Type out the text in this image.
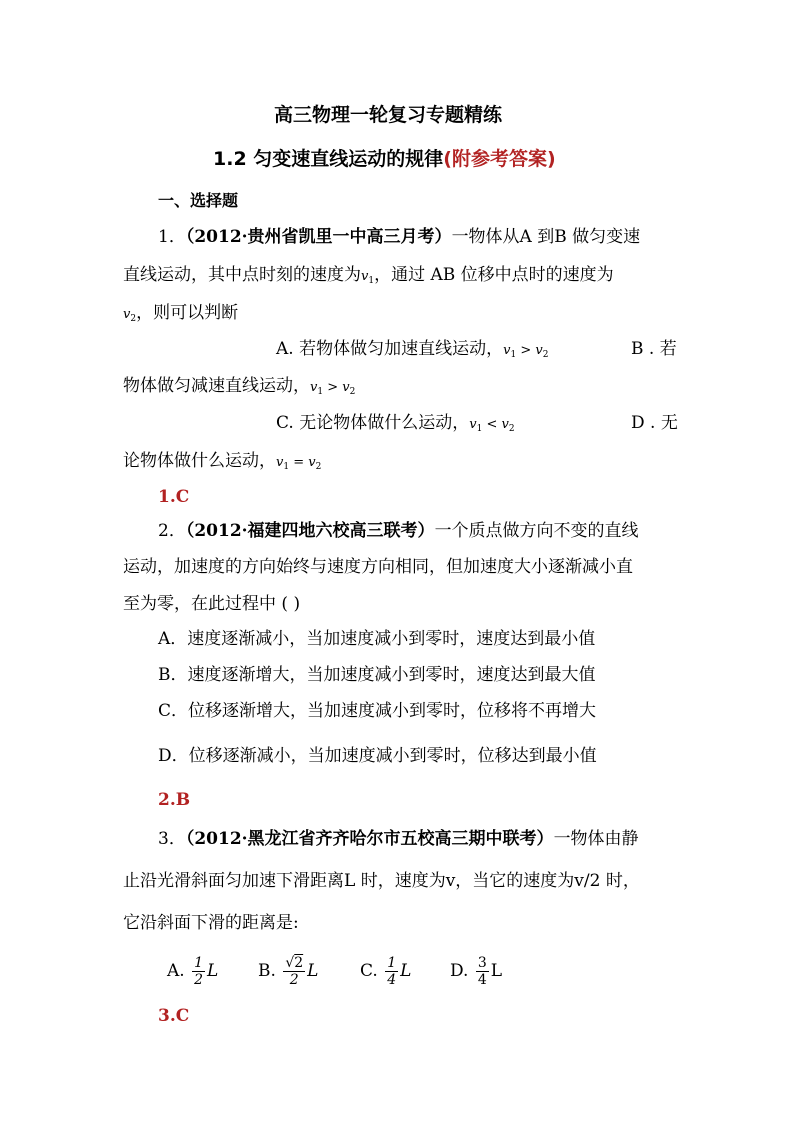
高三物理一轮复习专题精练
1.2 匀变速直线运动的规律(附参考答案)
一、选择题
1．（2012·贵州省凯里一中高三月考）一物体从A 到B 做匀变速
直线运动，其中点时刻的速度为$v_1$，通过 AB 位移中点时的速度为
$v_2$，则可以判断
A. 若物体做匀加速直线运动，$v_1 > v_2$	B . 若
物体做匀减速直线运动，$v_1 > v_2$
C. 无论物体做什么运动，$v_1 < v_2$	D . 无
论物体做什么运动，$v_1 = v_2$
1.C
2．（2012·福建四地六校高三联考）一个质点做方向不变的直线
运动，加速度的方向始终与速度方向相同，但加速度大小逐渐减小直
至为零，在此过程中 ( )
A．速度逐渐减小，当加速度减小到零时，速度达到最小值
B．速度逐渐增大，当加速度减小到零时，速度达到最大值
C．位移逐渐增大，当加速度减小到零时，位移将不再增大
D．位移逐渐减小，当加速度减小到零时，位移达到最小值
2.B
3．（2012·黑龙江省齐齐哈尔市五校高三期中联考）一物体由静
止沿光滑斜面匀加速下滑距离L 时，速度为v，当它的速度为v/2 时，
它沿斜面下滑的距离是:
A. $\frac{1}{2}$ L B. $\frac{√2}{2}$ L C. $\frac{1}{4}$ L D. $\frac{3}{4}$ L
3.C
